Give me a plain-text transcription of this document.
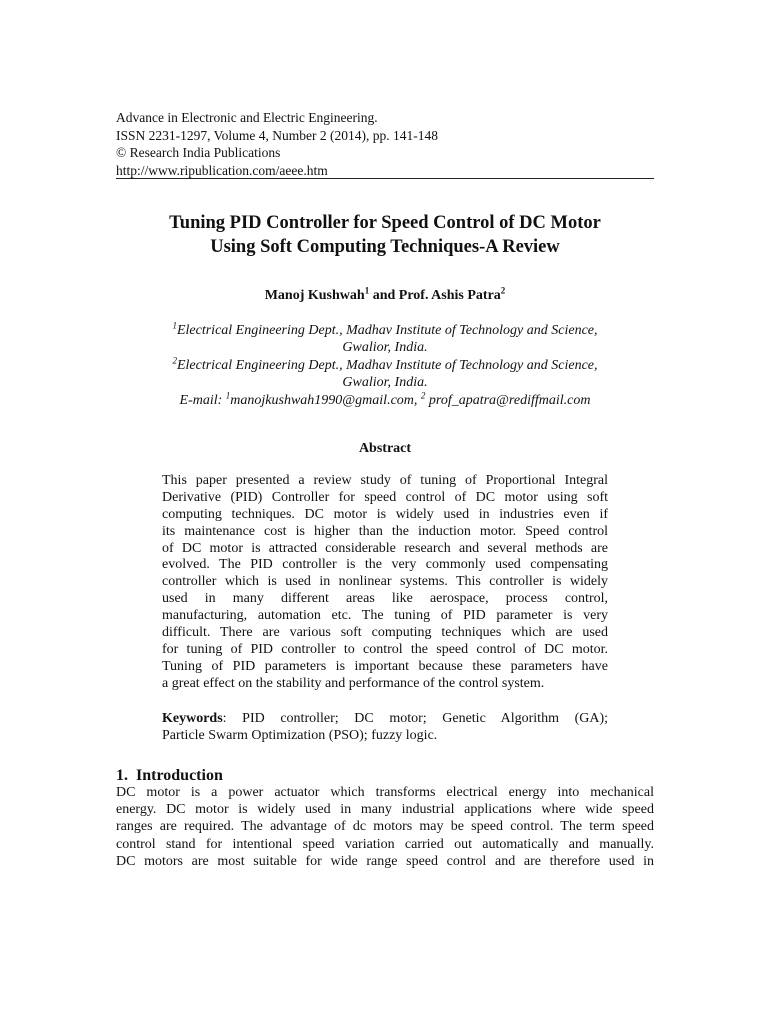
Advance in Electronic and Electric Engineering.
ISSN 2231-1297, Volume 4, Number 2 (2014), pp. 141-148
© Research India Publications
http://www.ripublication.com/aeee.htm
Tuning PID Controller for Speed Control of DC Motor
Using Soft Computing Techniques-A Review
Manoj Kushwah$^1$ and Prof. Ashis Patra$^2$
$^1$Electrical Engineering Dept., Madhav Institute of Technology and Science,
Gwalior, India.
$^2$Electrical Engineering Dept., Madhav Institute of Technology and Science,
Gwalior, India.
E-mail: $^1$manojkushwah1990@gmail.com, $^2$ prof_apatra@rediffmail.com
Abstract
This paper presented a review study of tuning of Proportional Integral
Derivative (PID) Controller for speed control of DC motor using soft
computing techniques. DC motor is widely used in industries even if
its maintenance cost is higher than the induction motor. Speed control
of DC motor is attracted considerable research and several methods are
evolved. The PID controller is the very commonly used compensating
controller which is used in nonlinear systems. This controller is widely
used in many different areas like aerospace, process control,
manufacturing, automation etc. The tuning of PID parameter is very
difficult. There are various soft computing techniques which are used
for tuning of PID controller to control the speed control of DC motor.
Tuning of PID parameters is important because these parameters have
a great effect on the stability and performance of the control system.
Keywords: PID controller; DC motor; Genetic Algorithm (GA);
Particle Swarm Optimization (PSO); fuzzy logic.
1.  Introduction
DC motor is a power actuator which transforms electrical energy into mechanical
energy. DC motor is widely used in many industrial applications where wide speed
ranges are required. The advantage of dc motors may be speed control. The term speed
control stand for intentional speed variation carried out automatically and manually.
DC motors are most suitable for wide range speed control and are therefore used in
